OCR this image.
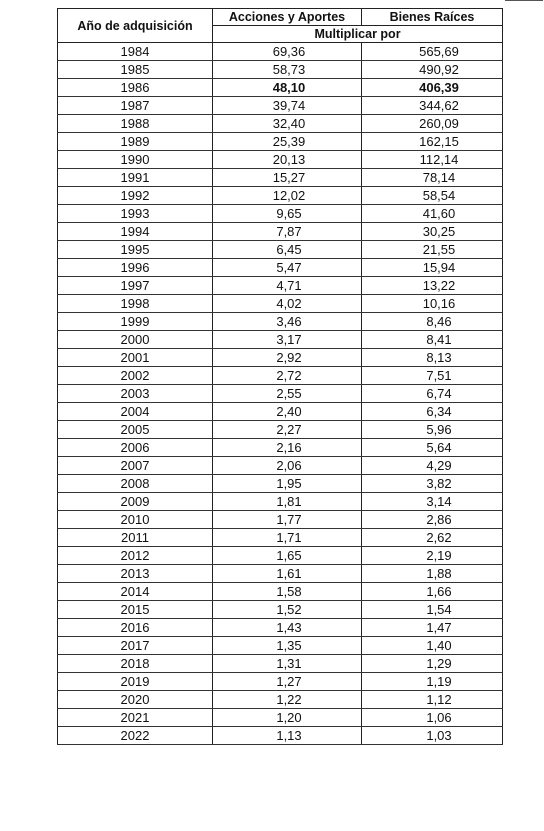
Año de adquisición	Acciones y Aportes	Bienes Raíces
	Multiplicar por	
1984	69,36	565,69
1985	58,73	490,92
1986	48,10	406,39
1987	39,74	344,62
1988	32,40	260,09
1989	25,39	162,15
1990	20,13	112,14
1991	15,27	78,14
1992	12,02	58,54
1993	9,65	41,60
1994	7,87	30,25
1995	6,45	21,55
1996	5,47	15,94
1997	4,71	13,22
1998	4,02	10,16
1999	3,46	8,46
2000	3,17	8,41
2001	2,92	8,13
2002	2,72	7,51
2003	2,55	6,74
2004	2,40	6,34
2005	2,27	5,96
2006	2,16	5,64
2007	2,06	4,29
2008	1,95	3,82
2009	1,81	3,14
2010	1,77	2,86
2011	1,71	2,62
2012	1,65	2,19
2013	1,61	1,88
2014	1,58	1,66
2015	1,52	1,54
2016	1,43	1,47
2017	1,35	1,40
2018	1,31	1,29
2019	1,27	1,19
2020	1,22	1,12
2021	1,20	1,06
2022	1,13	1,03
